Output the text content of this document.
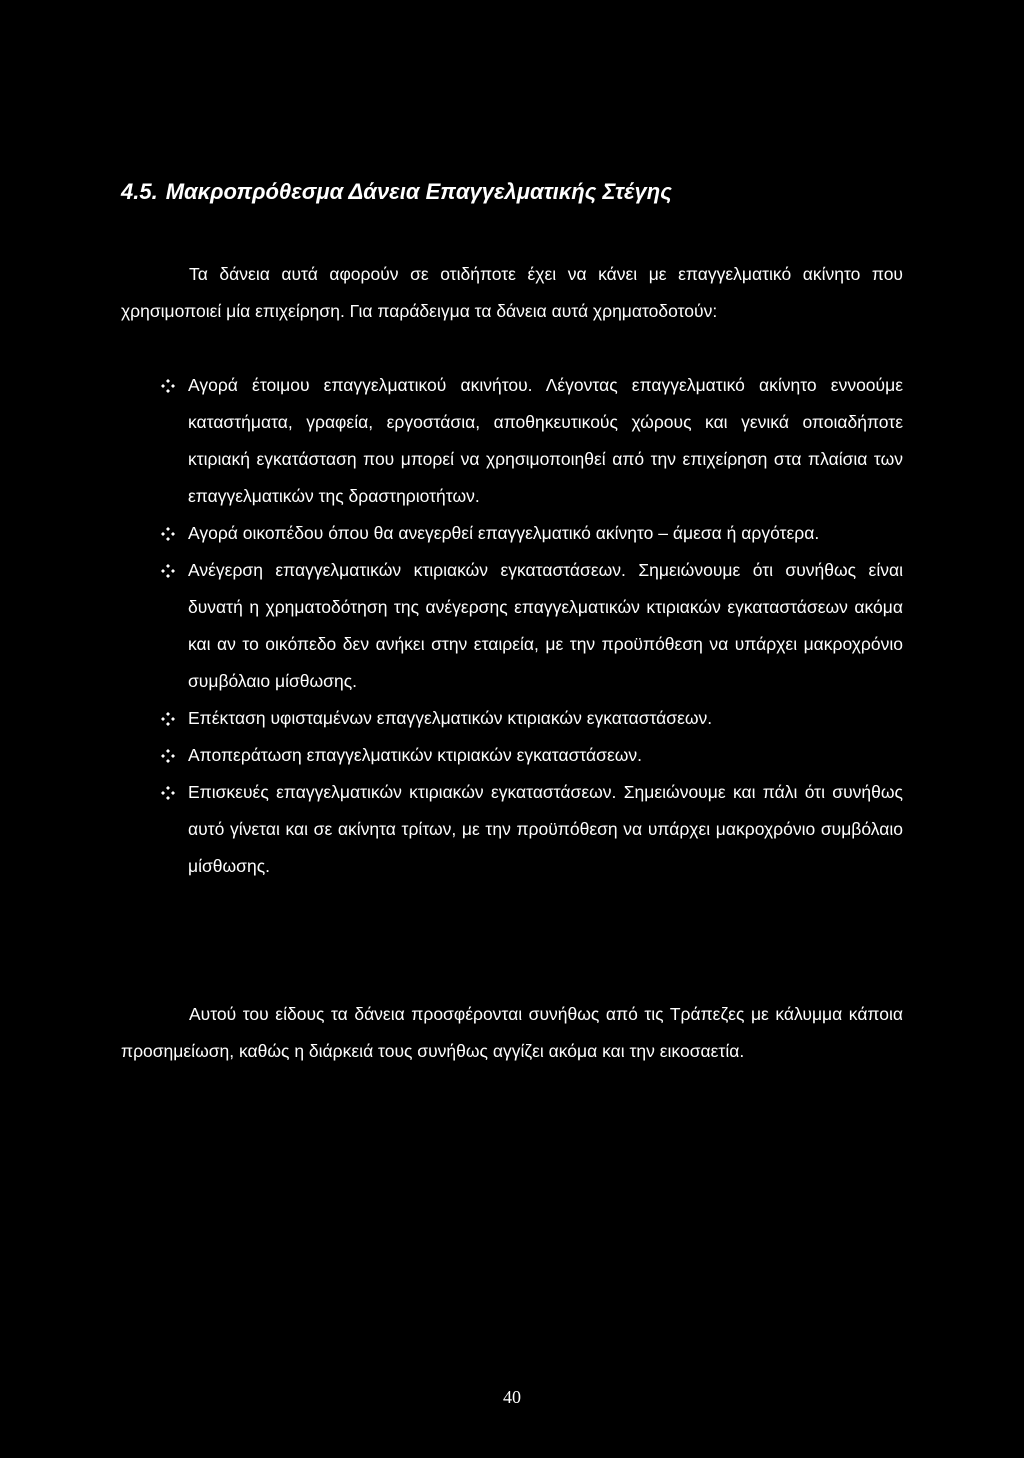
4.5. Μακροπρόθεσμα Δάνεια Επαγγελματικής Στέγης

Τα δάνεια αυτά αφορούν σε οτιδήποτε έχει να κάνει με επαγγελματικό ακίνητο που χρησιμοποιεί μία επιχείρηση. Για παράδειγμα τα δάνεια αυτά χρηματοδοτούν:

Αγορά έτοιμου επαγγελματικού ακινήτου. Λέγοντας επαγγελματικό ακίνητο εννοούμε καταστήματα, γραφεία, εργοστάσια, αποθηκευτικούς χώρους και γενικά οποιαδήποτε κτιριακή εγκατάσταση που μπορεί να χρησιμοποιηθεί από την επιχείρηση στα πλαίσια των επαγγελματικών της δραστηριοτήτων.
Αγορά οικοπέδου όπου θα ανεγερθεί επαγγελματικό ακίνητο – άμεσα ή αργότερα.
Ανέγερση επαγγελματικών κτιριακών εγκαταστάσεων. Σημειώνουμε ότι συνήθως είναι δυνατή η χρηματοδότηση της ανέγερσης επαγγελματικών κτιριακών εγκαταστάσεων ακόμα και αν το οικόπεδο δεν ανήκει στην εταιρεία, με την προϋπόθεση να υπάρχει μακροχρόνιο συμβόλαιο μίσθωσης.
Επέκταση υφισταμένων επαγγελματικών κτιριακών εγκαταστάσεων.
Αποπεράτωση επαγγελματικών κτιριακών εγκαταστάσεων.
Επισκευές επαγγελματικών κτιριακών εγκαταστάσεων. Σημειώνουμε και πάλι ότι συνήθως αυτό γίνεται και σε ακίνητα τρίτων, με την προϋπόθεση να υπάρχει μακροχρόνιο συμβόλαιο μίσθωσης.

Αυτού του είδους τα δάνεια προσφέρονται συνήθως από τις Τράπεζες με κάλυμμα κάποια προσημείωση, καθώς η διάρκειά τους συνήθως αγγίζει ακόμα και την εικοσαετία.

40
